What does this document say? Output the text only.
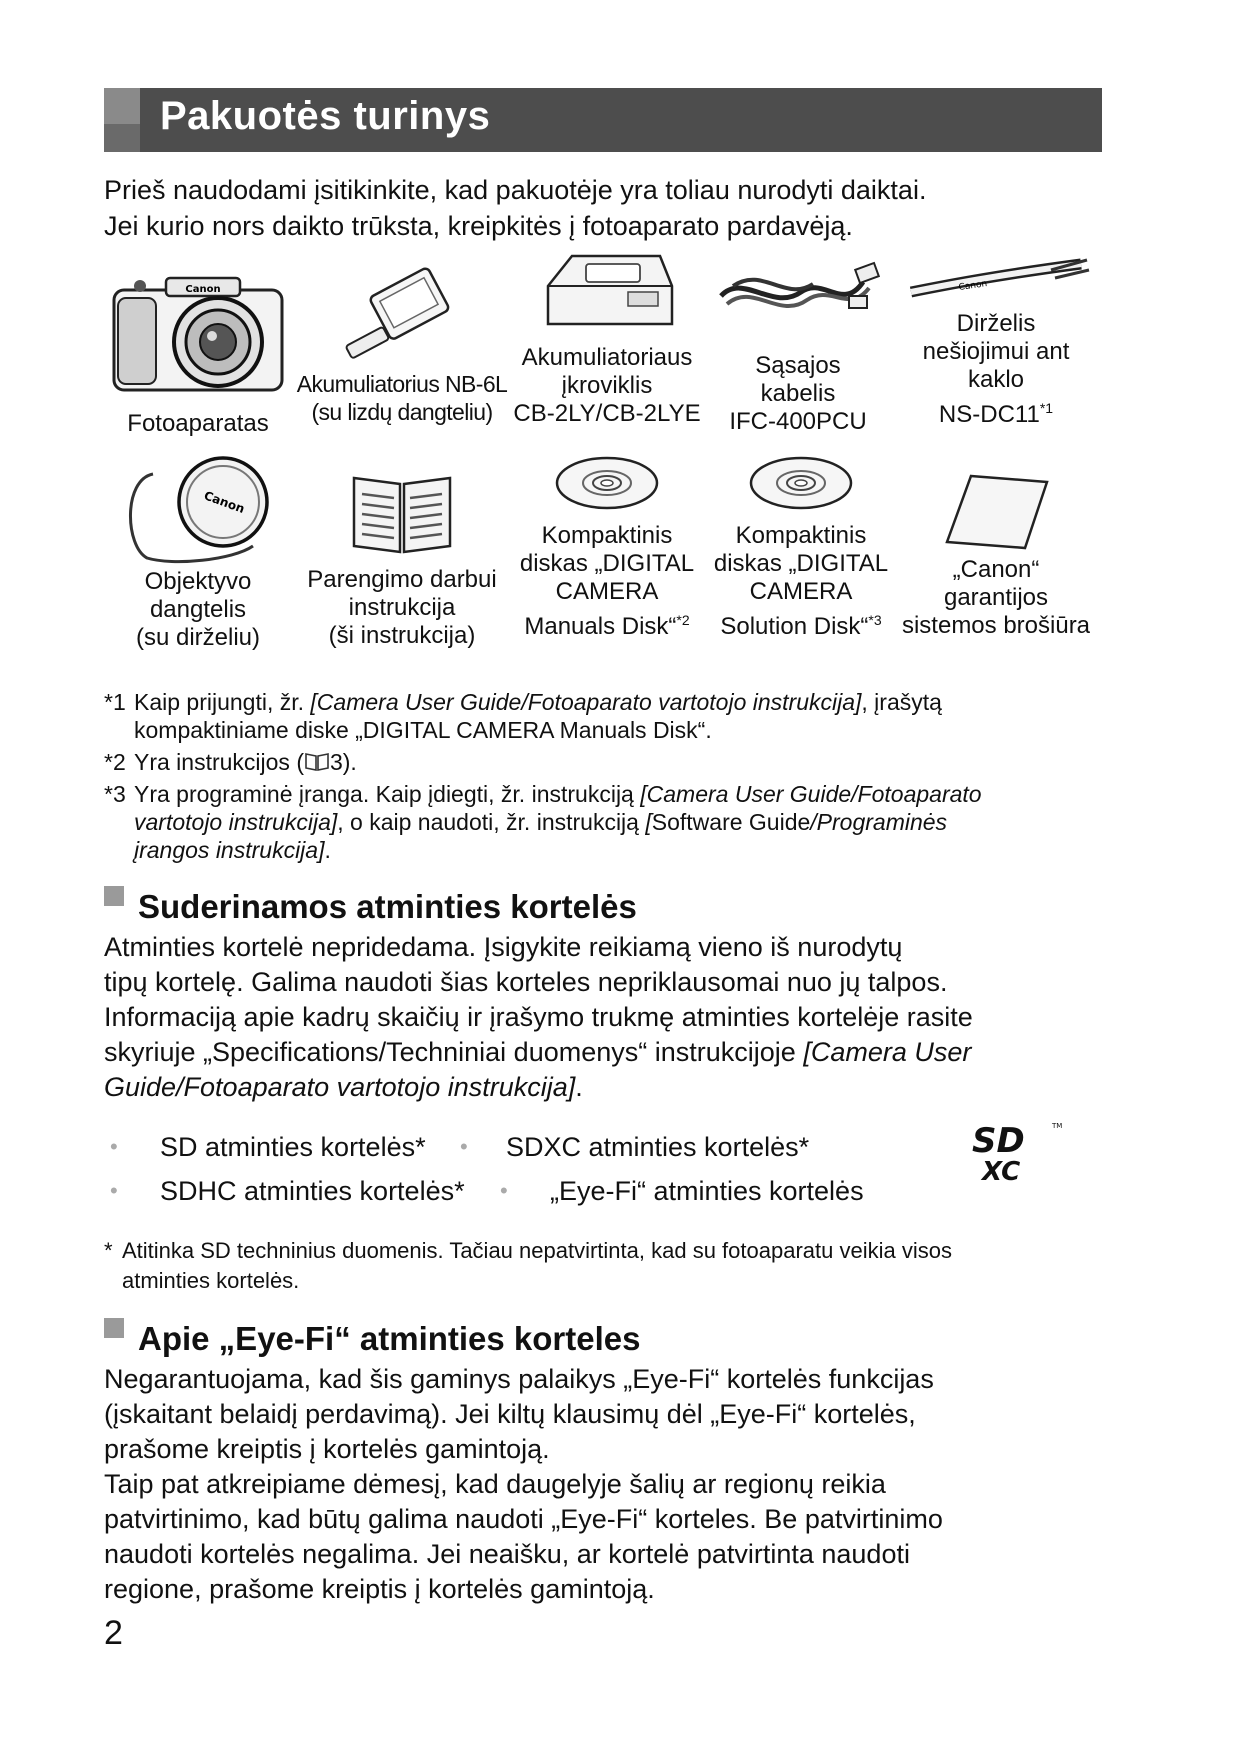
Pakuotės turinys

Prieš naudodami įsitikinkite, kad pakuotėje yra toliau nurodyti daiktai.

Jei kurio nors daikto trūksta, kreipkitės į fotoaparato pardavėją.

Canon
Fotoaparatas
Akumuliatorius NB-6L
(su lizdų dangteliu)
Akumuliatoriaus
įkroviklis
CB-2LY/CB-2LYE
Sąsajos
kabelis
IFC-400PCU
Canon
Dirželis
nešiojimui ant
kaklo
NS-DC11$^{*1}$
Canon
Objektyvo
dangtelis
(su dirželiu)
Parengimo darbui
instrukcija
(ši instrukcija)
Kompaktinis
diskas „DIGITAL
CAMERA
Manuals Disk“$^{*2}$
Kompaktinis
diskas „DIGITAL
CAMERA
Solution Disk“$^{*3}$
„Canon“
garantijos
sistemos brošiūra

*1 Kaip prijungti, žr. [Camera User Guide/Fotoaparato vartotojo instrukcija], įrašytą
kompaktiniame diske „DIGITAL CAMERA Manuals Disk“.

*2 Yra instrukcijos ( 3).

*3 Yra programinė įranga. Kaip įdiegti, žr. instrukciją [Camera User Guide/Fotoaparato
vartotojo instrukcija], o kaip naudoti, žr. instrukciją [Software Guide/Programinės
įrangos instrukcija].

Suderinamos atminties kortelės
Atminties kortelė nepridedama. Įsigykite reikiamą vieno iš nurodytų
tipų kortelę. Galima naudoti šias korteles nepriklausomai nuo jų talpos.
Informaciją apie kadrų skaičių ir įrašymo trukmę atminties kortelėje rasite
skyriuje „Specifications/Techniniai duomenys“ instrukcijoje [Camera User
Guide/Fotoaparato vartotojo instrukcija].
• SD atminties kortelės* • SDXC atminties kortelės*
• SDHC atminties kortelės* • „Eye-Fi“ atminties kortelės
SD
XC
TM
* Atitinka SD techninius duomenis. Tačiau nepatvirtinta, kad su fotoaparatu veikia visos
atminties kortelės.
Apie „Eye-Fi“ atminties korteles
Negarantuojama, kad šis gaminys palaikys „Eye-Fi“ kortelės funkcijas
(įskaitant belaidį perdavimą). Jei kiltų klausimų dėl „Eye-Fi“ kortelės,
prašome kreiptis į kortelės gamintoją.
Taip pat atkreipiame dėmesį, kad daugelyje šalių ar regionų reikia
patvirtinimo, kad būtų galima naudoti „Eye-Fi“ korteles. Be patvirtinimo
naudoti kortelės negalima. Jei neaišku, ar kortelė patvirtinta naudoti
regione, prašome kreiptis į kortelės gamintoją.
2
